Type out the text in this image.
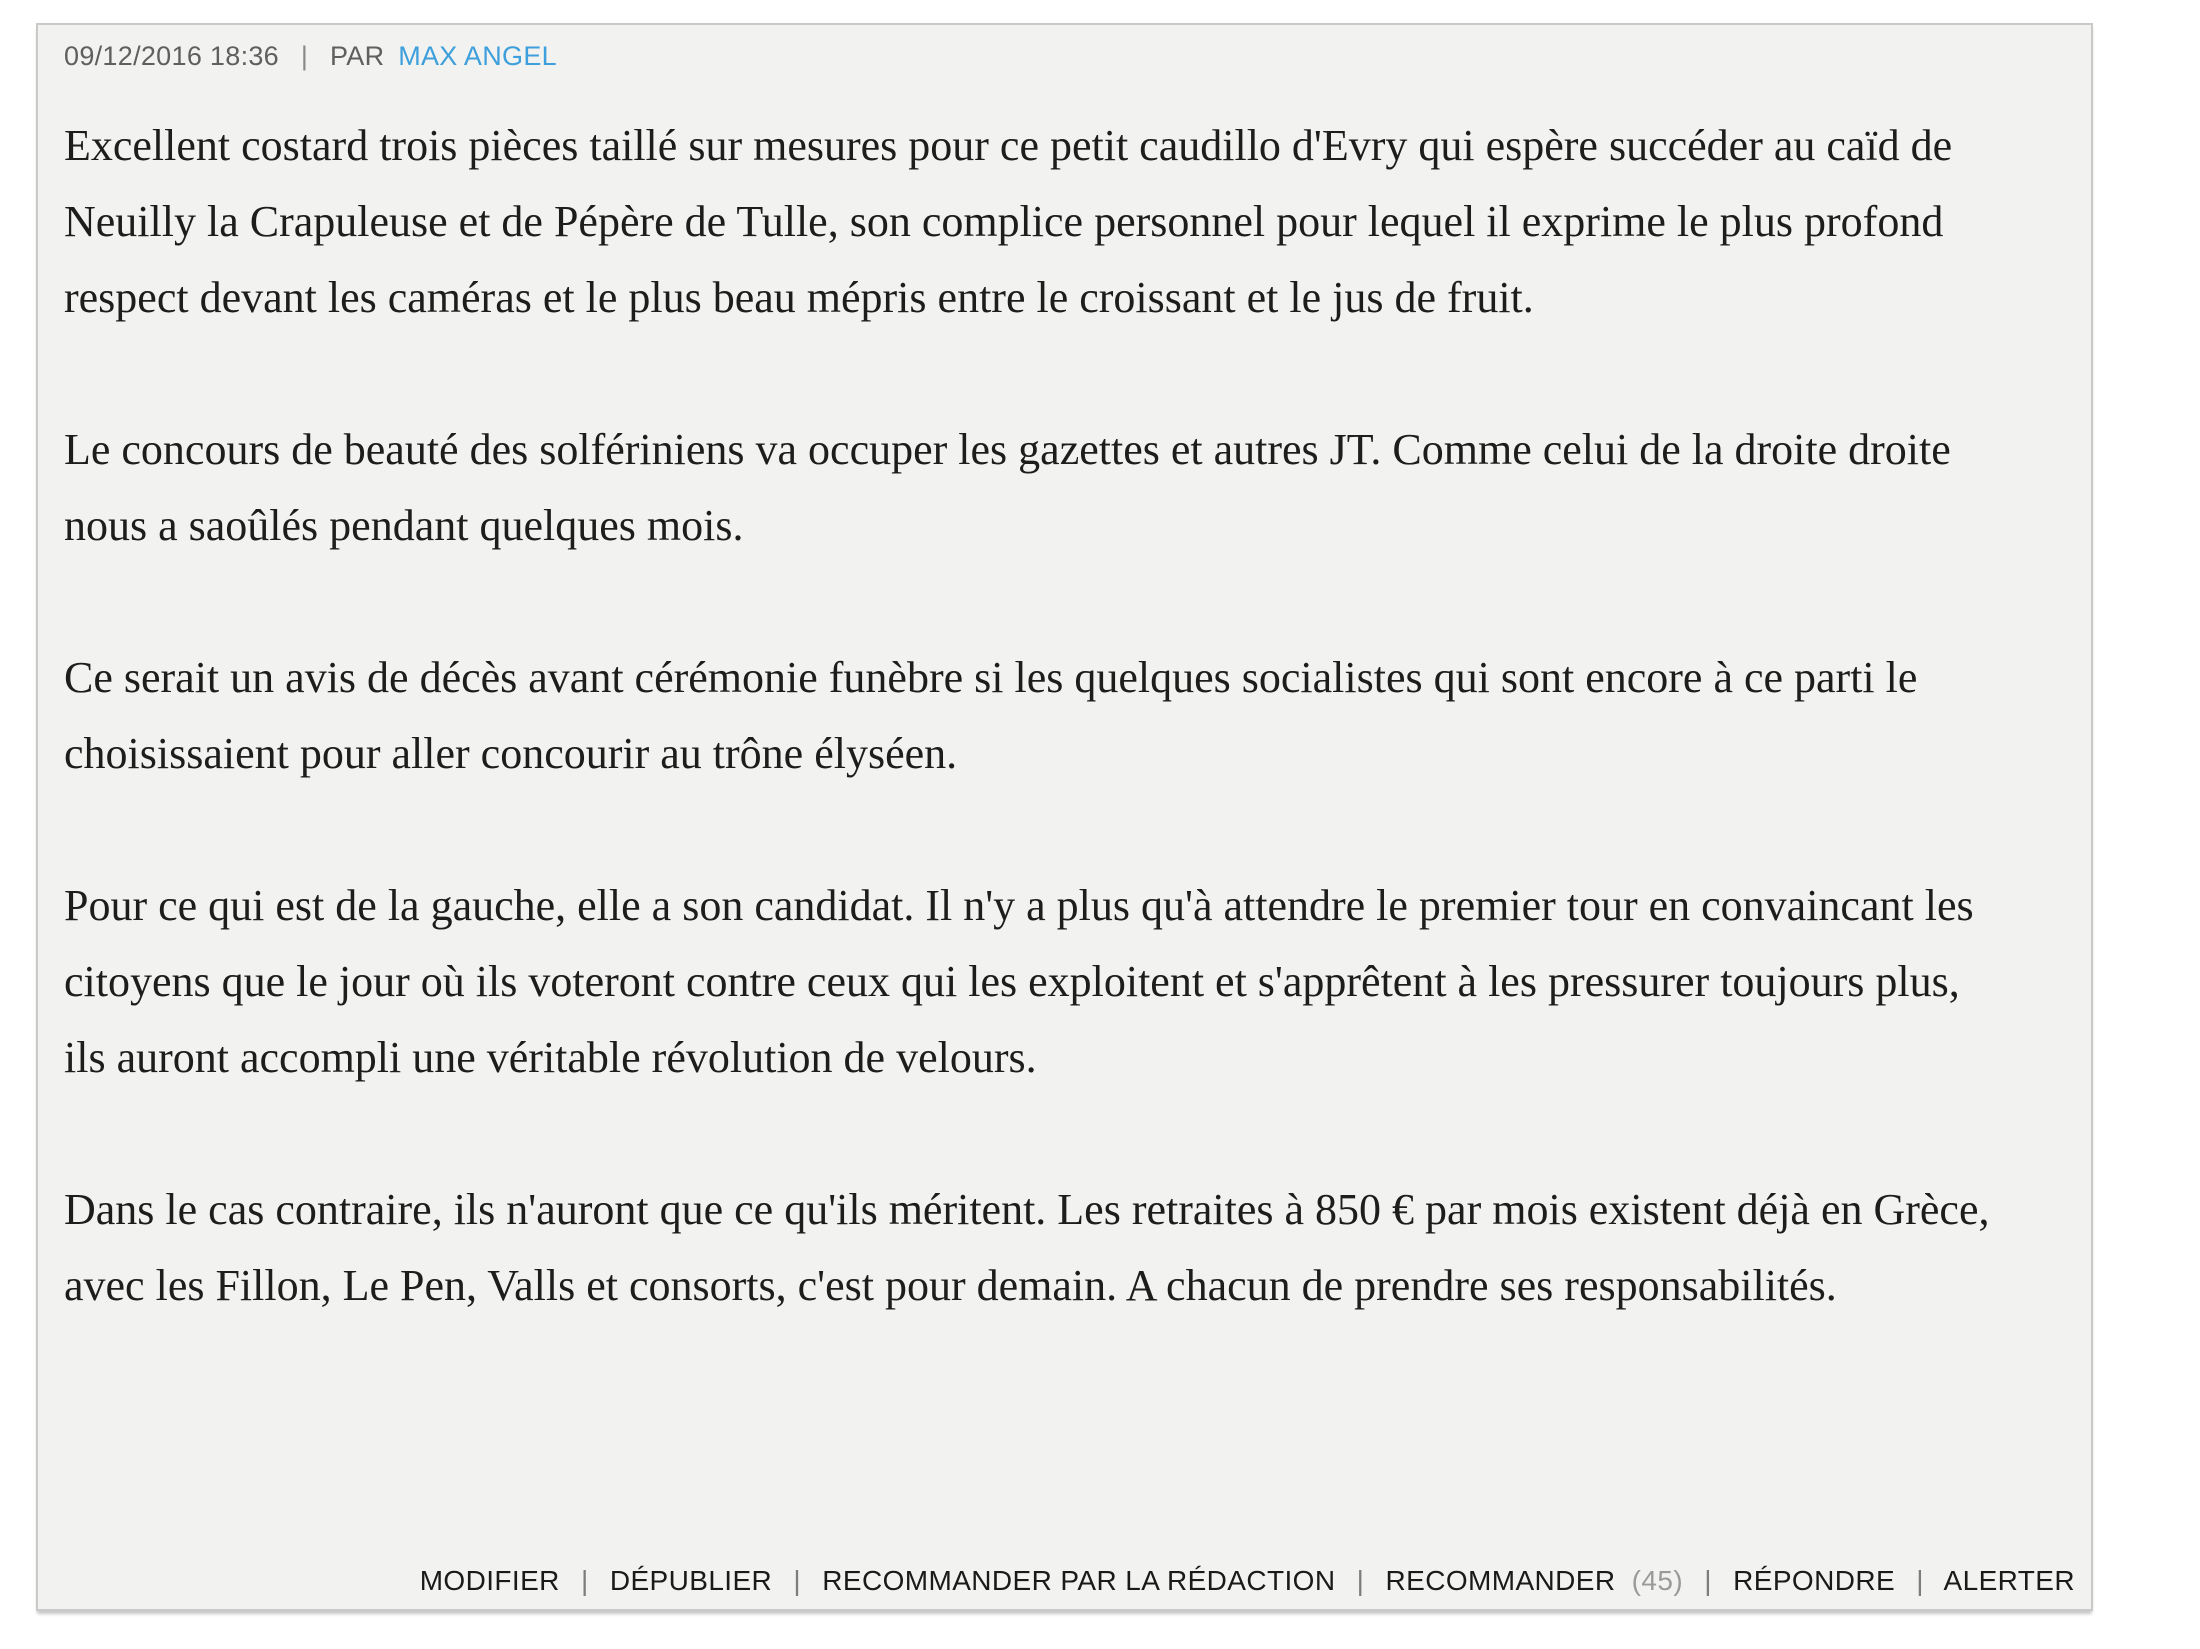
09/12/2016 18:36 | PAR MAX ANGEL

Excellent costard trois pièces taillé sur mesures pour ce petit caudillo d'Evry qui espère succéder au caïd de Neuilly la Crapuleuse et de Pépère de Tulle, son complice personnel pour lequel il exprime le plus profond respect devant les caméras et le plus beau mépris entre le croissant et le jus de fruit.

Le concours de beauté des solfériniens va occuper les gazettes et autres JT. Comme celui de la droite droite nous a saoûlés pendant quelques mois.

Ce serait un avis de décès avant cérémonie funèbre si les quelques socialistes qui sont encore à ce parti le choisissaient pour aller concourir au trône élyséen.

Pour ce qui est de la gauche, elle a son candidat. Il n'y a plus qu'à attendre le premier tour en convaincant les citoyens que le jour où ils voteront contre ceux qui les exploitent et s'apprêtent à les pressurer toujours plus, ils auront accompli une véritable révolution de velours.

Dans le cas contraire, ils n'auront que ce qu'ils méritent. Les retraites à 850 € par mois existent déjà en Grèce, avec les Fillon, Le Pen, Valls et consorts, c'est pour demain. A chacun de prendre ses responsabilités.

MODIFIER | DÉPUBLIER | RECOMMANDER PAR LA RÉDACTION | RECOMMANDER (45) | RÉPONDRE | ALERTER
